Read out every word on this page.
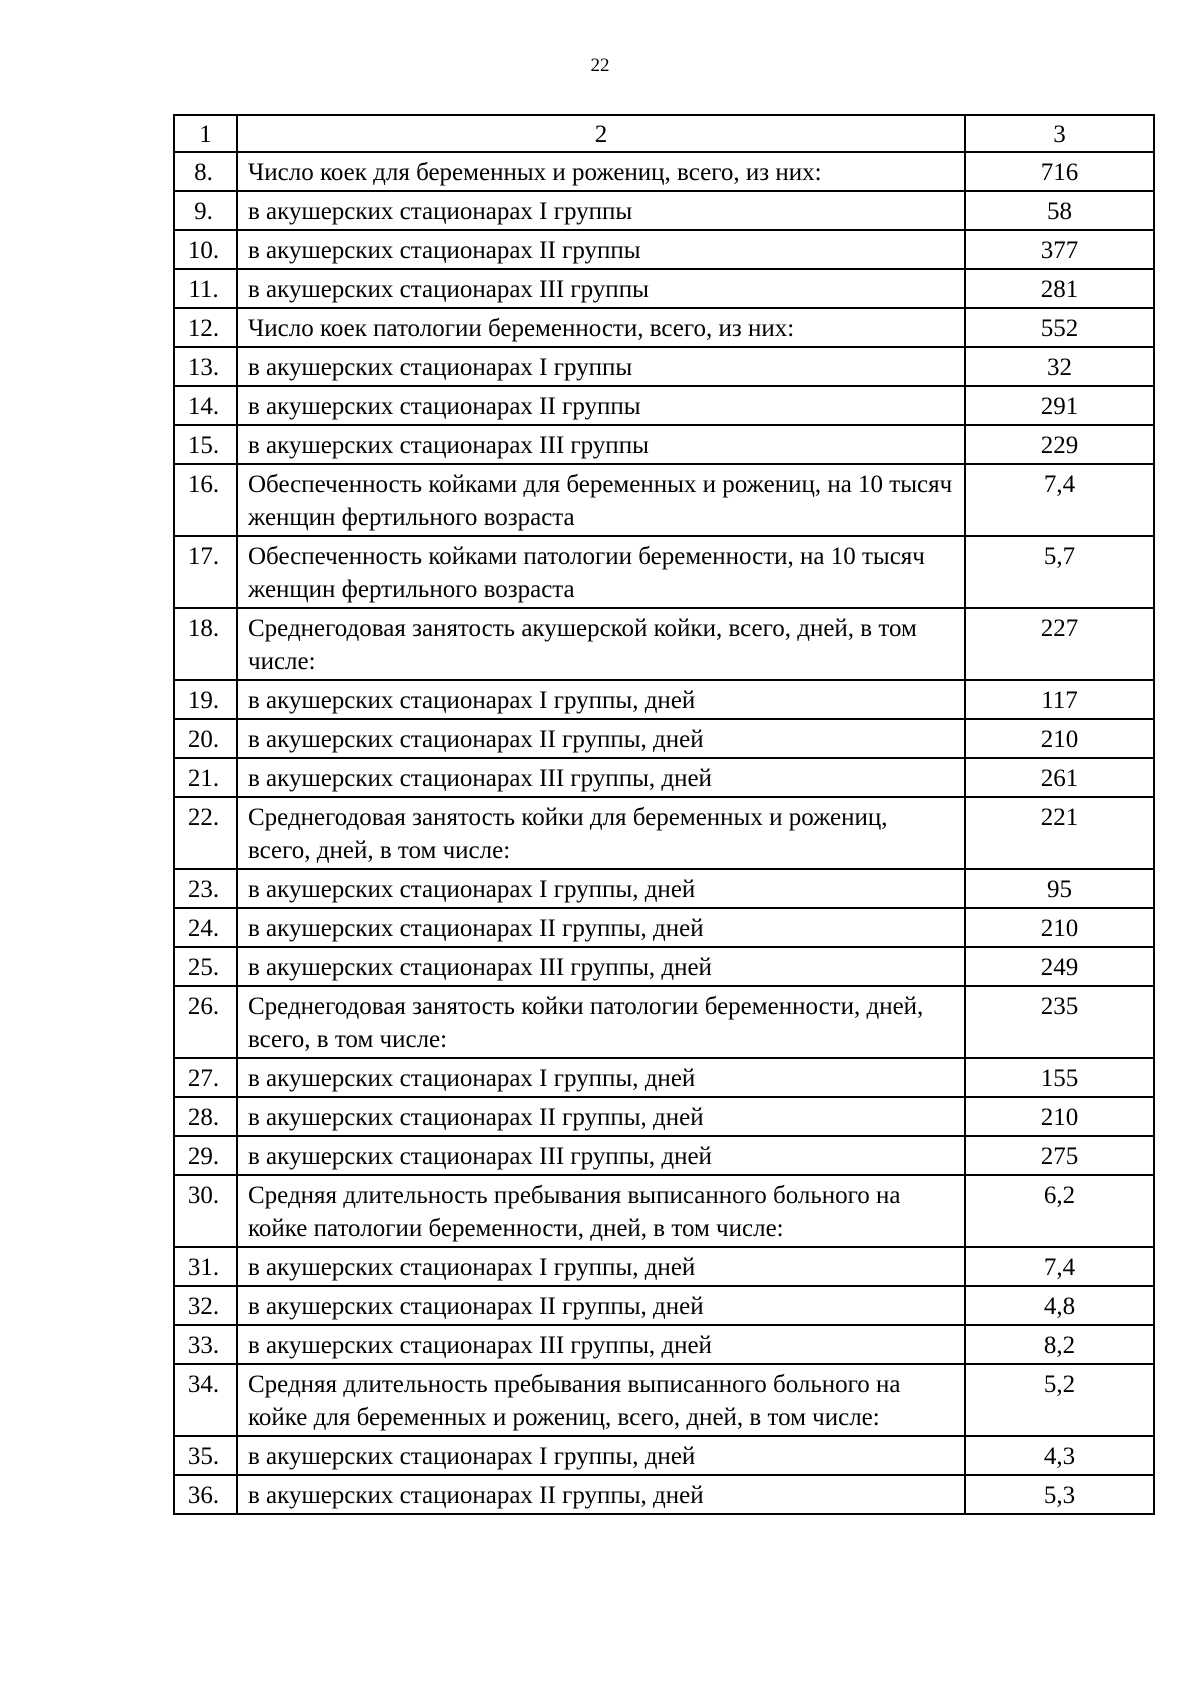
22
1	2	3
8.	Число коек для беременных и рожениц, всего, из них:	716
9.	в акушерских стационарах I группы	58
10.	в акушерских стационарах II группы	377
11.	в акушерских стационарах III группы	281
12.	Число коек патологии беременности, всего, из них:	552
13.	в акушерских стационарах I группы	32
14.	в акушерских стационарах II группы	291
15.	в акушерских стационарах III группы	229
16.	Обеспеченность койками для беременных и рожениц, на 10 тысяч женщин фертильного возраста	7,4
17.	Обеспеченность койками патологии беременности, на 10 тысяч женщин фертильного возраста	5,7
18.	Среднегодовая занятость акушерской койки, всего, дней, в том числе:	227
19.	в акушерских стационарах I группы, дней	117
20.	в акушерских стационарах II группы, дней	210
21.	в акушерских стационарах III группы, дней	261
22.	Среднегодовая занятость койки для беременных и рожениц, всего, дней, в том числе:	221
23.	в акушерских стационарах I группы, дней	95
24.	в акушерских стационарах II группы, дней	210
25.	в акушерских стационарах III группы, дней	249
26.	Среднегодовая занятость койки патологии беременности, дней, всего, в том числе:	235
27.	в акушерских стационарах I группы, дней	155
28.	в акушерских стационарах II группы, дней	210
29.	в акушерских стационарах III группы, дней	275
30.	Средняя длительность пребывания выписанного больного на койке патологии беременности, дней, в том числе:	6,2
31.	в акушерских стационарах I группы, дней	7,4
32.	в акушерских стационарах II группы, дней	4,8
33.	в акушерских стационарах III группы, дней	8,2
34.	Средняя длительность пребывания выписанного больного на койке для беременных и рожениц, всего, дней, в том числе:	5,2
35.	в акушерских стационарах I группы, дней	4,3
36.	в акушерских стационарах II группы, дней	5,3
